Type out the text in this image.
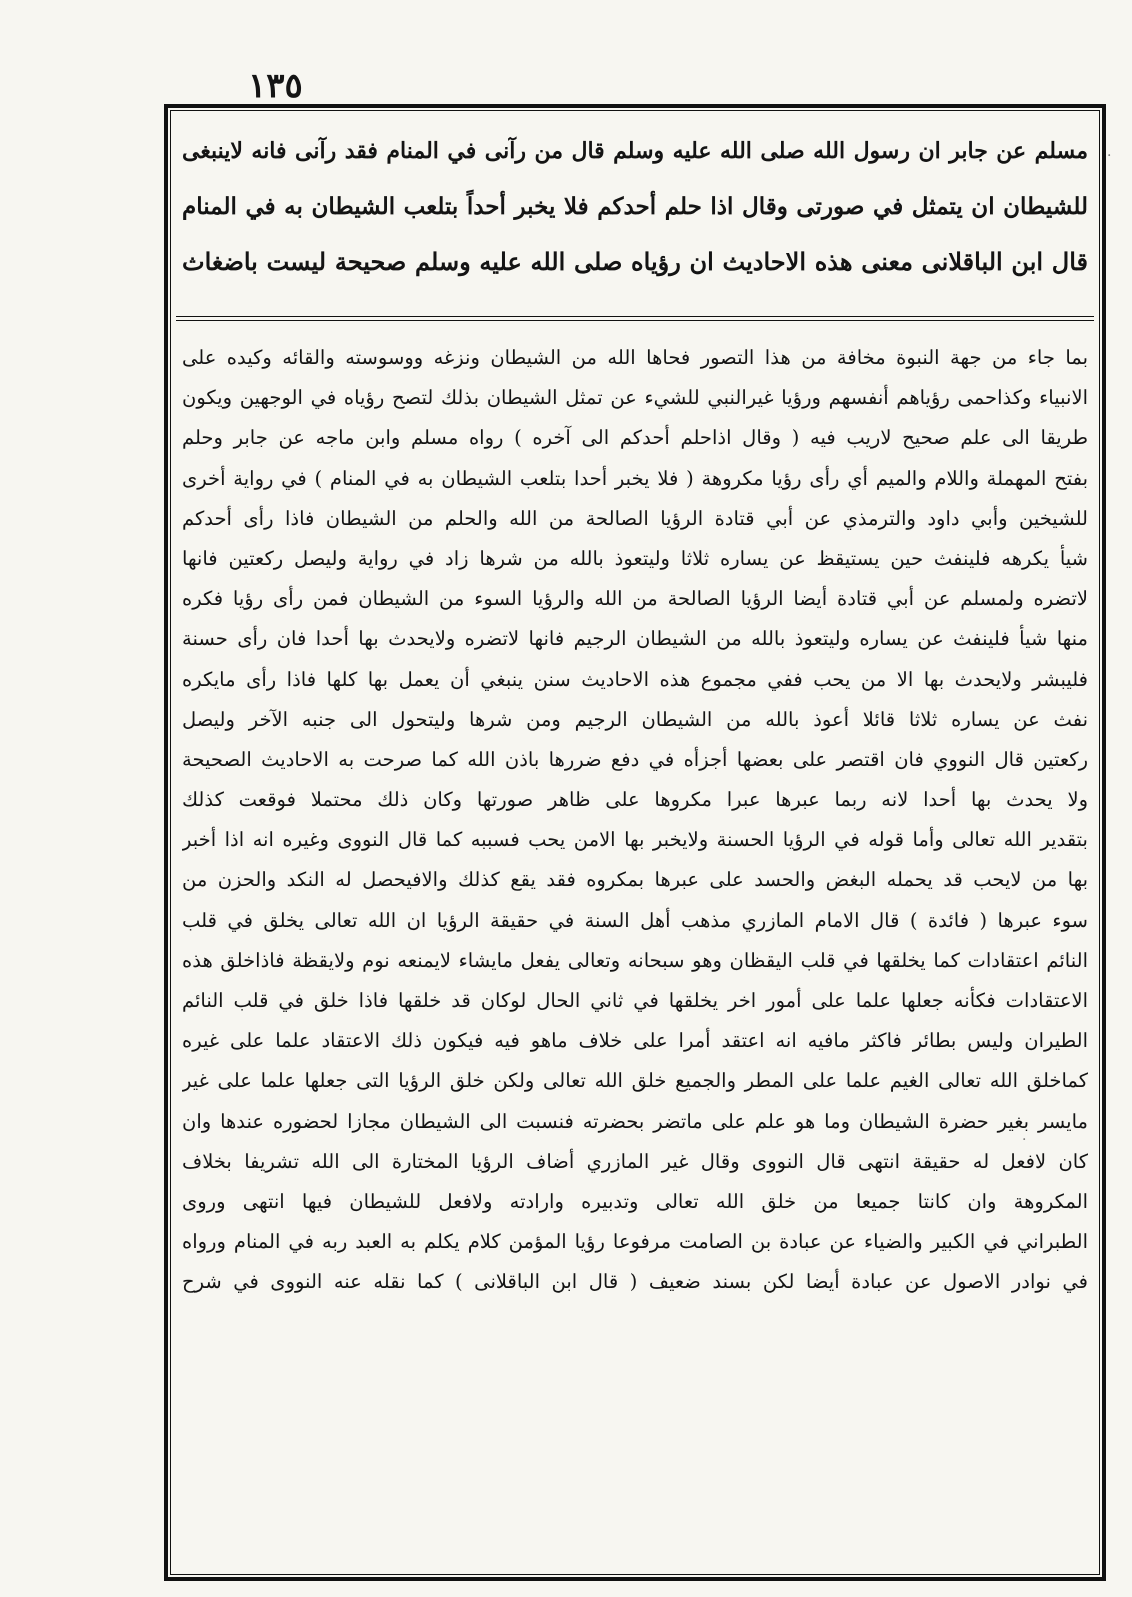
١٣٥
مسلم عن جابر ان رسول الله صلى الله عليه وسلم قال من رآنى في المنام فقد رآنى فانه لاينبغى
للشيطان ان يتمثل في صورتى وقال اذا حلم أحدكم فلا يخبر أحداً بتلعب الشيطان به في المنام
قال ابن الباقلانى معنى هذه الاحاديث ان رؤياه صلى الله عليه وسلم صحيحة ليست باضغاث
بما جاء من جهة النبوة مخافة من هذا التصور فحاها الله من الشيطان ونزغه ووسوسته والقائه وكيده على
الانبياء وكذاحمى رؤياهم أنفسهم ورؤيا غيرالنبي للشيء عن تمثل الشيطان بذلك لتصح رؤياه في الوجهين ويكون
طريقا الى علم صحيح لاريب فيه ( وقال اذاحلم أحدكم الى آخره ) رواه مسلم وابن ماجه عن جابر وحلم
بفتح المهملة واللام والميم أي رأى رؤيا مكروهة ( فلا يخبر أحدا بتلعب الشيطان به في المنام ) في رواية أخرى
للشيخين وأبي داود والترمذي عن أبي قتادة الرؤيا الصالحة من الله والحلم من الشيطان فاذا رأى أحدكم
شيأ يكرهه فلينفث حين يستيقظ عن يساره ثلاثا وليتعوذ بالله من شرها زاد في رواية وليصل ركعتين فانها
لاتضره ولمسلم عن أبي قتادة أيضا الرؤيا الصالحة من الله والرؤيا السوء من الشيطان فمن رأى رؤيا فكره
منها شيأ فلينفث عن يساره وليتعوذ بالله من الشيطان الرجيم فانها لاتضره ولايحدث بها أحدا فان رأى حسنة
فليبشر ولايحدث بها الا من يحب ففي مجموع هذه الاحاديث سنن ينبغي أن يعمل بها كلها فاذا رأى مايكره
نفث عن يساره ثلاثا قائلا أعوذ بالله من الشيطان الرجيم ومن شرها وليتحول الى جنبه الآخر وليصل
ركعتين قال النووي فان اقتصر على بعضها أجزأه في دفع ضررها باذن الله كما صرحت به الاحاديث الصحيحة
ولا يحدث بها أحدا لانه ربما عبرها عبرا مكروها على ظاهر صورتها وكان ذلك محتملا فوقعت كذلك
بتقدير الله تعالى وأما قوله في الرؤيا الحسنة ولايخبر بها الامن يحب فسببه كما قال النووى وغيره انه اذا أخبر
بها من لايحب قد يحمله البغض والحسد على عبرها بمكروه فقد يقع كذلك والافيحصل له النكد والحزن من
سوء عبرها ( فائدة ) قال الامام المازري مذهب أهل السنة في حقيقة الرؤيا ان الله تعالى يخلق في قلب
النائم اعتقادات كما يخلقها في قلب اليقظان وهو سبحانه وتعالى يفعل مايشاء لايمنعه نوم ولايقظة فاذاخلق هذه
الاعتقادات فكأنه جعلها علما على أمور اخر يخلقها في ثاني الحال لوكان قد خلقها فاذا خلق في قلب النائم
الطيران وليس بطائر فاكثر مافيه انه اعتقد أمرا على خلاف ماهو فيه فيكون ذلك الاعتقاد علما على غيره
كماخلق الله تعالى الغيم علما على المطر والجميع خلق الله تعالى ولكن خلق الرؤيا التى جعلها علما على غير
مايسر بغير حضرة الشيطان وما هو علم على ماتضر بحضرته فنسبت الى الشيطان مجازا لحضوره عندها وان
كان لافعل له حقيقة انتهى قال النووى وقال غير المازري أضاف الرؤيا المختارة الى الله تشريفا بخلاف
المكروهة وان كانتا جميعا من خلق الله تعالى وتدبيره وارادته ولافعل للشيطان فيها انتهى وروى
الطبراني في الكبير والضياء عن عبادة بن الصامت مرفوعا رؤيا المؤمن كلام يكلم به العبد ربه في المنام ورواه
في نوادر الاصول عن عبادة أيضا لكن بسند ضعيف ( قال ابن الباقلانى ) كما نقله عنه النووى في شرح
·
·
